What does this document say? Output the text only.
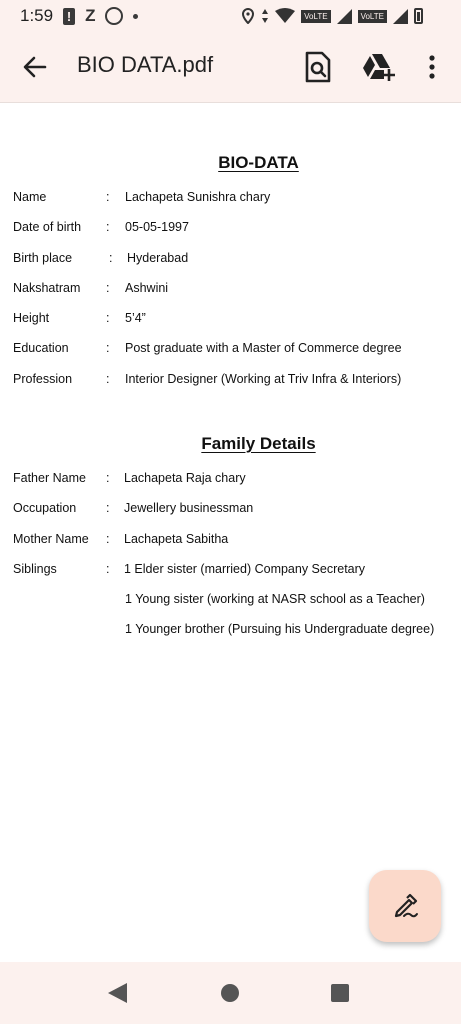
1:59
! Z	VoLTE	VoLTE
BIO DATA.pdf
BIO-DATA
Name	: Lachapeta Sunishra chary
Date of birth : 05-05-1997
Birth place	: Hyderabad
Nakshatram : Ashwini
Height	: 5’4”
Education	: Post graduate with a Master of Commerce degree
Profession	: Interior Designer (Working at Triv Infra & Interiors)
Family Details
Father Name : Lachapeta Raja chary
Occupation : Jewellery businessman
Mother Name : Lachapeta Sabitha
Siblings	: 1 Elder sister (married) Company Secretary
1 Young sister (working at NASR school as a Teacher)
1 Younger brother (Pursuing his Undergraduate degree)
